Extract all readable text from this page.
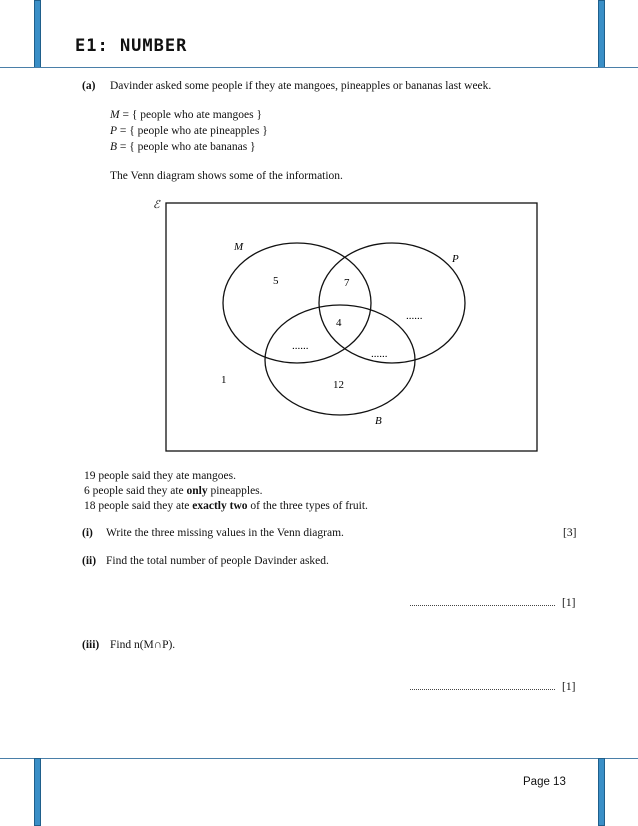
E1: NUMBER
(a) Davinder asked some people if they ate mangoes, pineapples or bananas last week.
M = { people who ate mangoes }
P = { people who ate pineapples }
B = { people who ate bananas }
The Venn diagram shows some of the information.
ℰ
M
P
B
5	7
4
......
......
......
12
1
19 people said they ate mangoes.
6 people said they ate only pineapples.
18 people said they ate exactly two of the three types of fruit.
(i) Write the three missing values in the Venn diagram.	[3]
(ii) Find the total number of people Davinder asked.
[1]
(iii) Find n(M∩P).
[1]
Page 13
